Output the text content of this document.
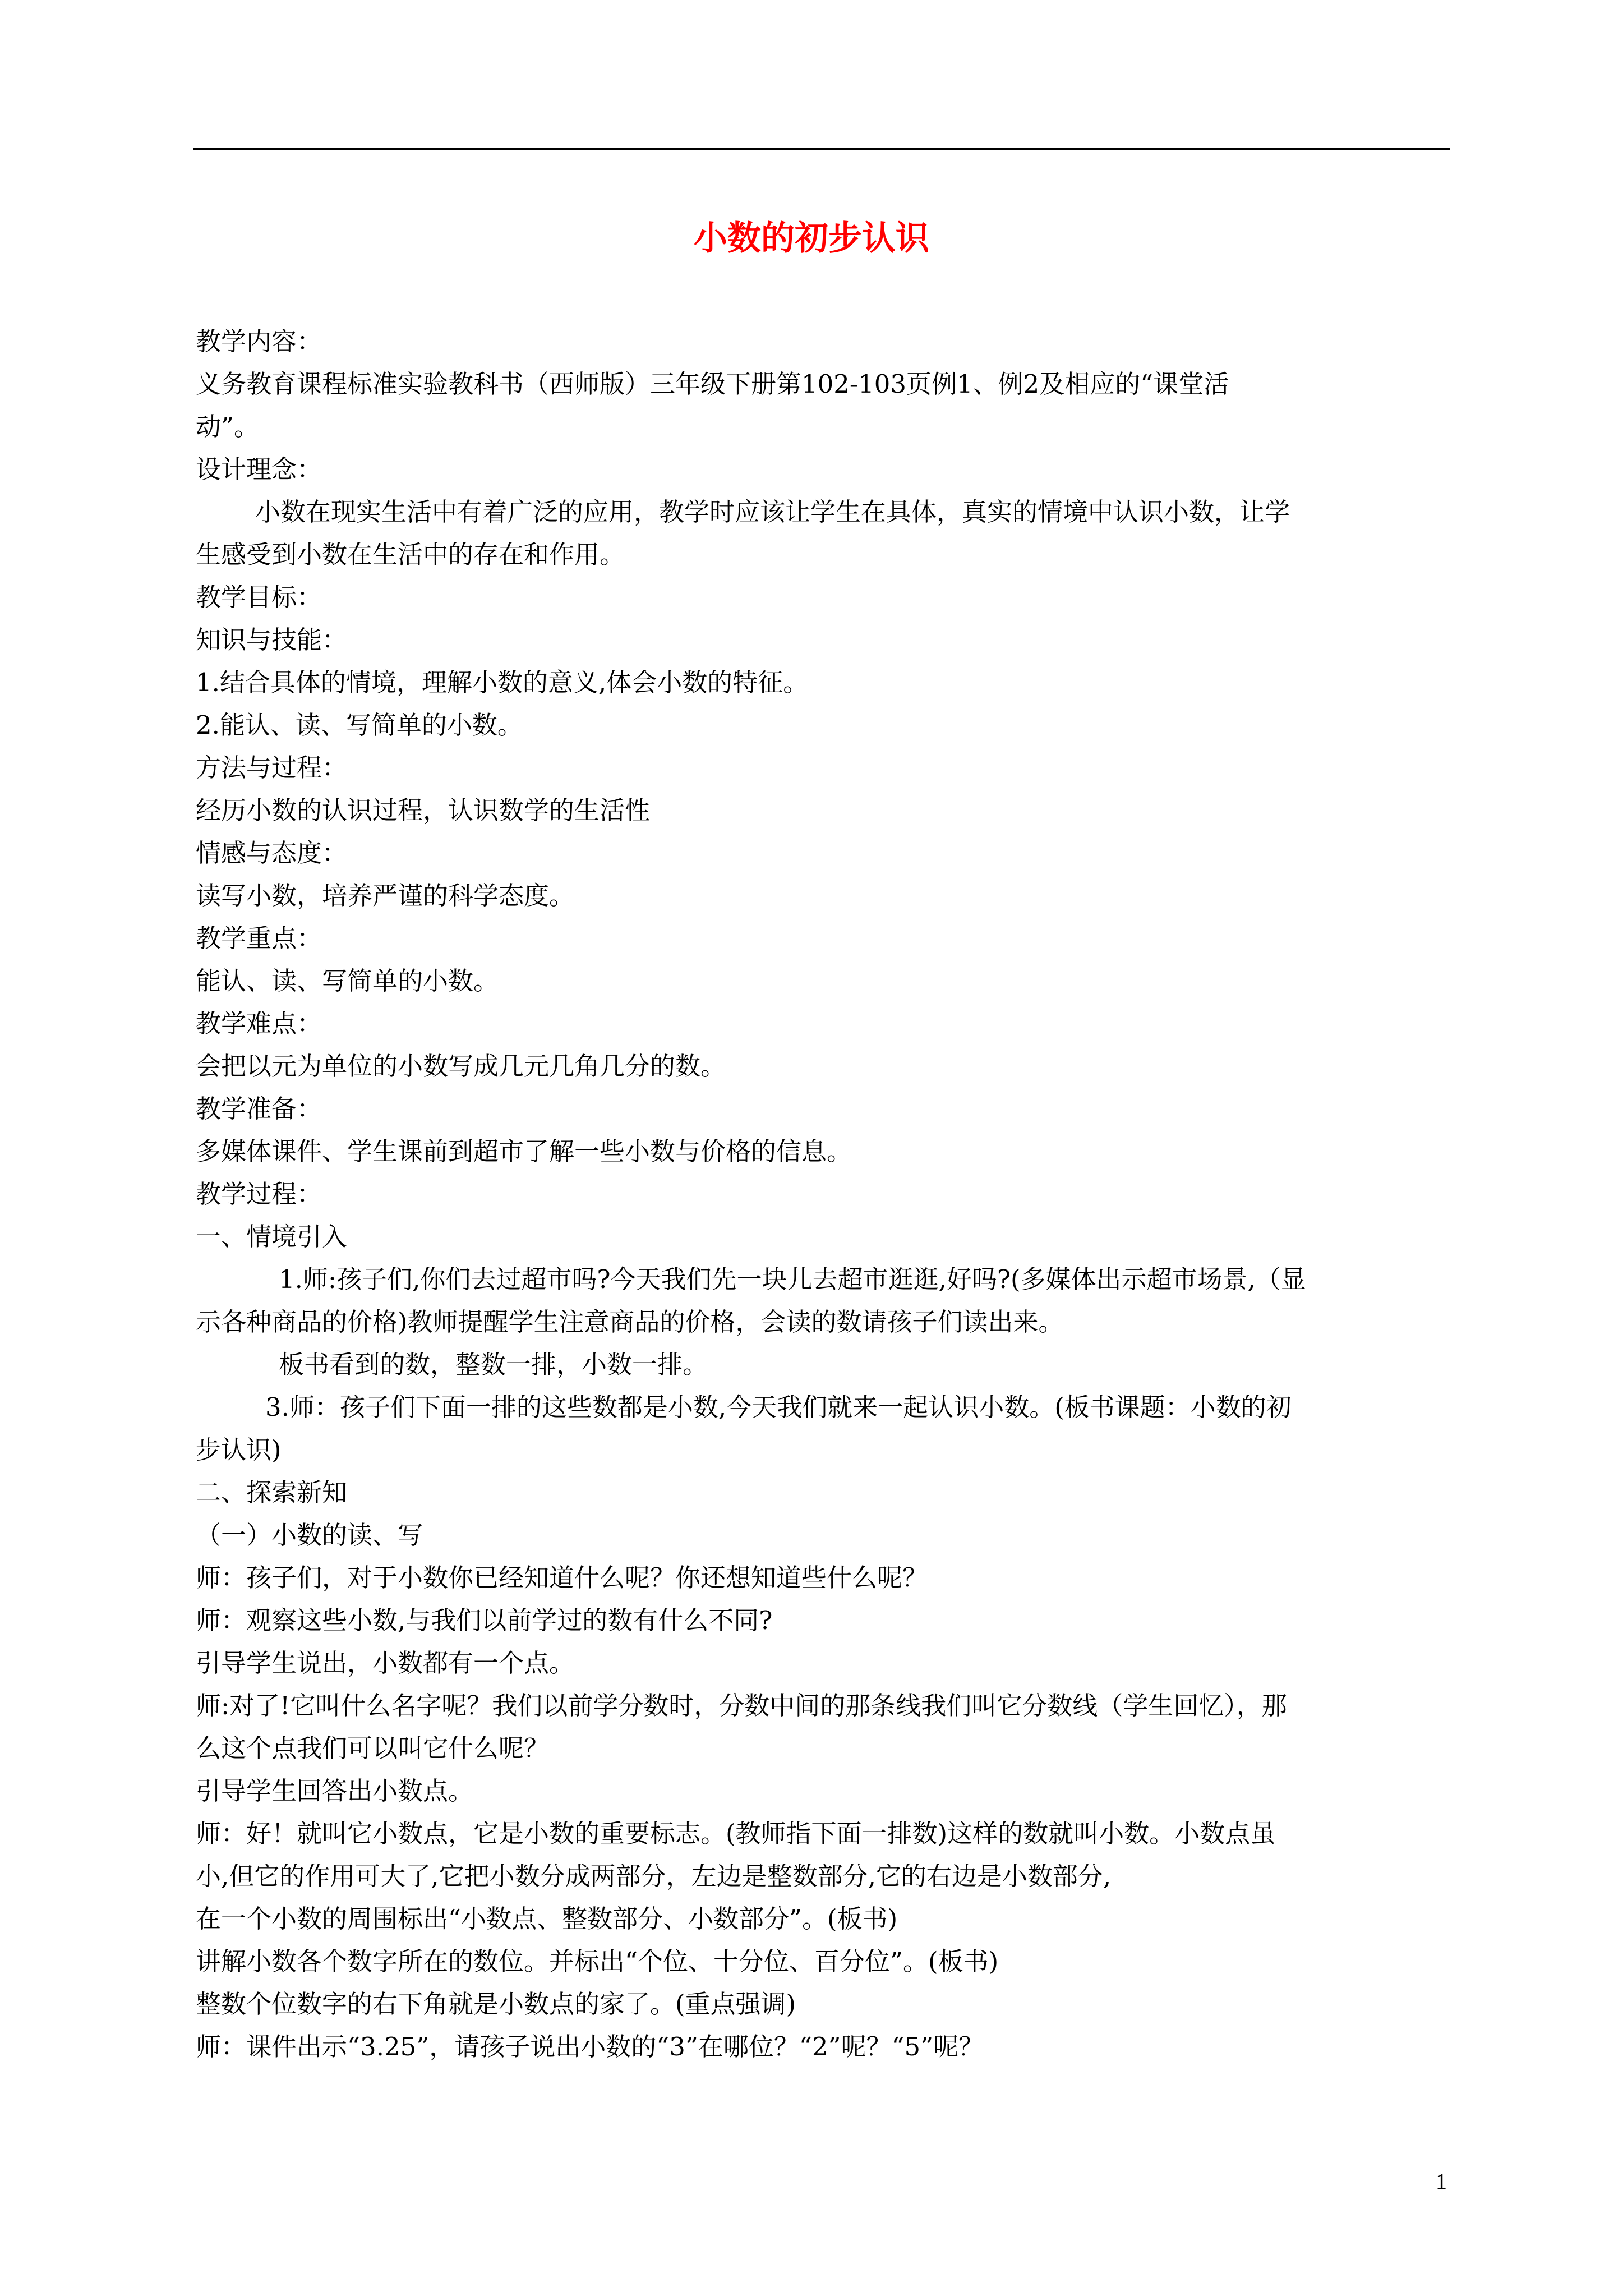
小数的初步认识
教学内容：
义务教育课程标准实验教科书（西师版）三年级下册第102-103页例1、例2及相应的“课堂活
动”。
设计理念：
小数在现实生活中有着广泛的应用，教学时应该让学生在具体，真实的情境中认识小数，让学
生感受到小数在生活中的存在和作用。
教学目标：
知识与技能：
1.结合具体的情境，理解小数的意义,体会小数的特征。
2.能认、读、写简单的小数。
方法与过程：
经历小数的认识过程，认识数学的生活性
情感与态度：
读写小数，培养严谨的科学态度。
教学重点：
能认、读、写简单的小数。
教学难点：
会把以元为单位的小数写成几元几角几分的数。
教学准备：
多媒体课件、学生课前到超市了解一些小数与价格的信息。
教学过程：
一、情境引入
1.师:孩子们,你们去过超市吗?今天我们先一块儿去超市逛逛,好吗?(多媒体出示超市场景,（显
示各种商品的价格)教师提醒学生注意商品的价格，会读的数请孩子们读出来。
板书看到的数，整数一排，小数一排。
3.师：孩子们下面一排的这些数都是小数,今天我们就来一起认识小数。(板书课题：小数的初
步认识)
二、探索新知
（一）小数的读、写
师：孩子们，对于小数你已经知道什么呢？你还想知道些什么呢？
师：观察这些小数,与我们以前学过的数有什么不同?
引导学生说出，小数都有一个点。
师:对了!它叫什么名字呢？我们以前学分数时，分数中间的那条线我们叫它分数线（学生回忆），那
么这个点我们可以叫它什么呢？
引导学生回答出小数点。
师：好！就叫它小数点，它是小数的重要标志。(教师指下面一排数)这样的数就叫小数。小数点虽
小,但它的作用可大了,它把小数分成两部分，左边是整数部分,它的右边是小数部分,
在一个小数的周围标出“小数点、整数部分、小数部分”。(板书)
讲解小数各个数字所在的数位。并标出“个位、十分位、百分位”。(板书)
整数个位数字的右下角就是小数点的家了。(重点强调)
师：课件出示“3.25”，请孩子说出小数的“3”在哪位？“2”呢？“5”呢？
1
